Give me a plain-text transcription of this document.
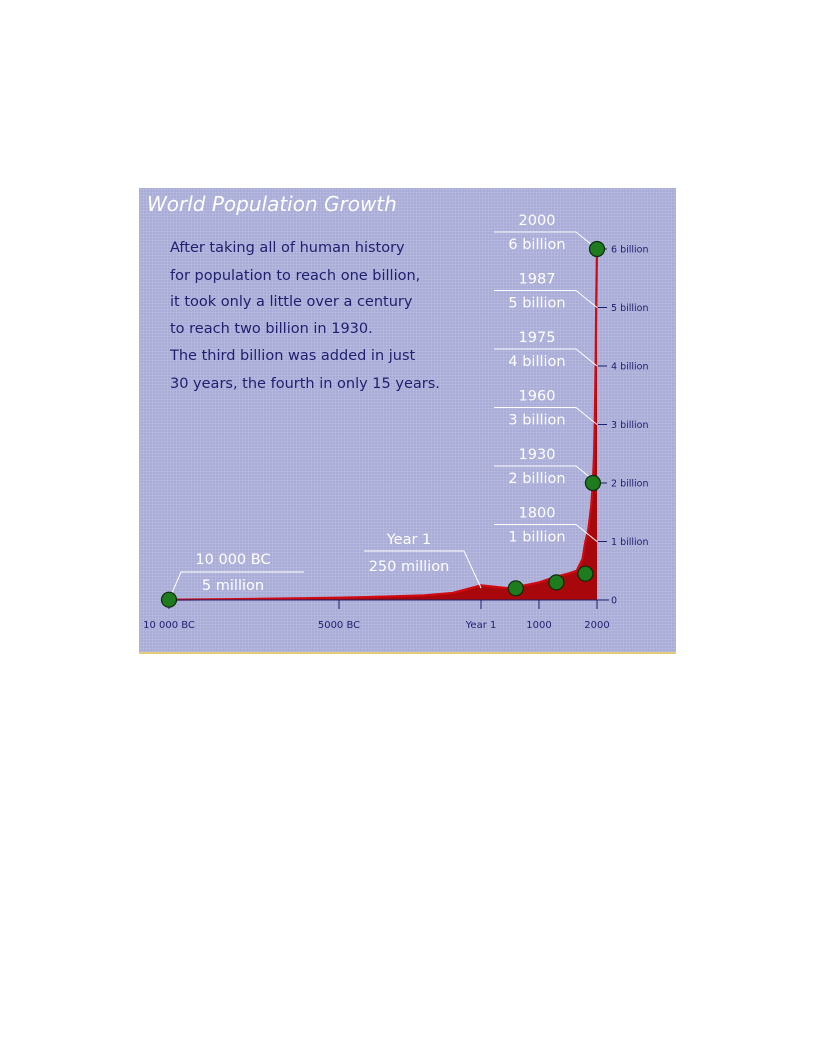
World Population Growth
After taking all of human history
for population to reach one billion,
it took only a little over a century
to reach two billion in 1930.
The third billion was added in just
30 years, the fourth in only 15 years.
10 000 BC	5000 BC	Year 1	1000	2000
6 billion
5 billion
4 billion
3 billion
2 billion
1 billion
0
2000
6 billion
1987
5 billion
1975
4 billion
1960
3 billion
1930
2 billion
1800
1 billion
10 000 BC
5 million
Year 1
250 million
